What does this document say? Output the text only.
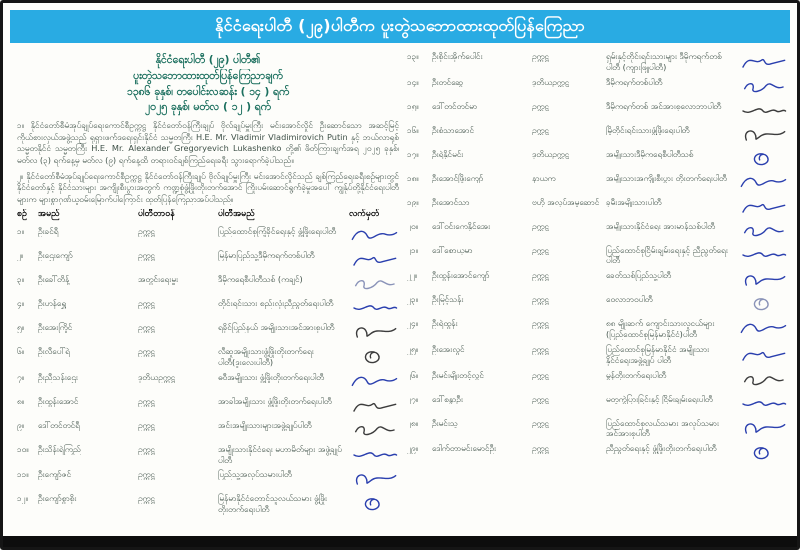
နိုင်ငံရေးပါတီ (၂၉)ပါတီက ပူးတွဲသဘောထားထုတ်ပြန်ကြေညာ
နိုင်ငံရေးပါတီ (၂၉) ပါတီ၏
ပူးတွဲသဘောထားထုတ်ပြန်ကြေညာချက်
၁၃၈၆ ခုနှစ်၊ တပေါင်းလဆန်း ( ၁၄ ) ရက်
၂၀၂၅ ခုနှစ်၊ မတ်လ ( ၁၂ ) ရက်
၁။ နိုင်ငံတော်စီမံအုပ်ချုပ်ရေးကောင်စီဥက္ကဋ္ဌ နိုင်ငံတော်ဝန်ကြီးချုပ် ဗိုလ်ချုပ်မှူးကြီး မင်းအောင်လှိုင် ဦးဆောင်သော အဆင့်မြင့်ကိုယ်စားလှယ်အဖွဲ့သည် ရုရှားဖက်ဒရေးရှင်းနိုင်ငံ သမ္မတကြီး H.E. Mr. Vladimir Vladimirovich Putin နှင့် ဘယ်လာရုစ်သမ္မတနိုင်ငံ သမ္မတကြီး H.E. Mr. Alexander Gregoryevich Lukashenko တို့၏ ဖိတ်ကြားချက်အရ ၂၀၂၅ ခုနှစ်၊ မတ်လ (၃) ရက်နေ့မှ မတ်လ (၉) ရက်နေ့ထိ တရားဝင်ချစ်ကြည်ရေးခရီး သွားရောက်ခဲ့ပါသည်။
၂။ နိုင်ငံတော်စီမံအုပ်ချုပ်ရေးကောင်စီဥက္ကဋ္ဌ နိုင်ငံတော်ဝန်ကြီးချုပ် ဗိုလ်ချုပ်မှူးကြီး မင်းအောင်လှိုင်သည် ချစ်ကြည်ရေးခရီးစဉ်များတွင် နိုင်ငံတော်နှင့် နိုင်ငံသားများ အကျိုးစီးပွားအတွက် ကဏ္ဍစုံဖွံ့ဖြိုးတိုးတက်အောင် ကြိုးပမ်းဆောင်ရွက်ခဲ့မှုအပေါ် ကျွန်ုပ်တို့နိုင်ငံရေးပါတီများက များစွာဂုဏ်ယူဝမ်းမြောက်ပါကြောင်း ထုတ်ပြန်ကြေညာအပ်ပါသည်။
စဉ်	အမည်	ပါတီတာဝန်	ပါတီအမည်	လက်မှတ်
၁။	ဦးခင်ရီ	ဥက္ကဋ္ဌ	ပြည်ထောင်စုကြံ့ခိုင်ရေးနှင့် ဖွံ့ဖြိုးရေးပါတီ
၂။	ဦးဌေးကျော်	ဥက္ကဋ္ဌ	မြန်မာပြည်သူ့ဒီမိုကရက်တစ်ပါတီ
၃။	ဦးခေါ်တိန့်	အတွင်းရေးမှူး	ဒီမိုကရေစီပါတီသစ် (ကချင်)
၄။	ဦးဟန်ရွှေ	ဥက္ကဋ္ဌ	တိုင်းရင်းသား စည်းလုံးညီညွတ်ရေးပါတီ
၅။	ဦးအေးကြိုင်	ဥက္ကဋ္ဌ	ရခိုင်ပြည်နယ် အမျိုးသားအင်အားစုပါတီ
၆။	ဦးလီပေါ်ရဲ	ဥက္ကဋ္ဌ	လီဆူအမျိုးသားဖွံ့ဖြိုးတိုးတက်ရေး ပါတီ(ဒူးလေးပါတီ)
၇။	ဦးညီသန်းဌေး	ဒုတိယဥက္ကဋ္ဌ	ဓဝီအမျိုးသား ဖွံ့ဖြိုးတိုးတက်ရေးပါတီ
၈။	ဦးထွန်းအောင်	ဥက္ကဋ္ဌ	အာခါအမျိုးသား ဖွံ့ဖြိုးတိုးတက်ရေးပါတီ
၉။	ဒေါ်တင်တင်ရီ	ဥက္ကဋ္ဌ	အင်းအမျိုးသားများအဖွဲ့ချုပ်ပါတီ
၁၀။	ဦးသိန်းရဲကြည်	ဥက္ကဋ္ဌ	အမျိုးသားနိုင်ငံရေး မဟာမိတ်များ အဖွဲ့ချုပ်ပါတီ
၁၁။	ဦးကျော်ဇင်	ဥက္ကဋ္ဌ	ပြည်သူ့အလုပ်သမားပါတီ
၁၂။	ဦးကျော်စွာစိုး	ဥက္ကဋ္ဌ	မြန်မာနိုင်ငံတောင်သူလယ်သမား ဖွံ့ဖြိုးတိုးတက်ရေးပါတီ
၁၃။	ဦးစိုင်းအိုက်ပေါင်း	ဥက္ကဋ္ဌ	ရှမ်းနှင့်တိုင်းရင်းသားများ ဒီမိုကရက်တစ် ပါတီ (ကျားဖြူပါတီ)
၁၄။	ဦးတင်ဆွေ	ဒုတိယဥက္ကဋ္ဌ	ဒီမိုကရက်တစ်ပါတီ
၁၅။	ဒေါ်တင်တင်မာ	ဥက္ကဋ္ဌ	ဒီမိုကရက်တစ် အင်အားစုလောဘာပါတီ
၁၆။	ဦးစံသာအောင်	ဥက္ကဋ္ဌ	မြိုတိုင်းရင်းသားဖွံ့ဖြိုးရေးပါတီ
၁၇။	ဦးရဲနိုင်မင်း	ဒုတိယဥက္ကဋ္ဌ	အမျိုးသားဒီမိုကရေစီပါတီသစ်
၁၈။	ဦးအောင်ဖြိုးကျော်	နာယက	အမျိုးသားအကျိုးစီးပွား တိုးတက်ရေးပါတီ
၁၉။	ဦးအောင်သာ	ဗဟို အလုပ်အမှုဆောင် ခုမီးအမျိုးသားပါတီ
၂၀။	ဒေါ်ဝင်းကေနိုင်အေး	ဥက္ကဋ္ဌ	အမျိုးသားနိုင်ငံရေး အားမာန်သစ်ပါတီ
၂၁။	ဒေါ်စောယုမာ	ဥက္ကဋ္ဌ	ပြည်ထောင်စုငြိမ်းချမ်းရေးနှင့် ညီညွတ်ရေးပါတီ
၂၂။	ဦးထွန်းအောင်ကျော်	ဥက္ကဋ္ဌ	ခေတ်သစ်ပြည်သူ့ပါတီ
၂၃။	ဦးမြင့်သန်း	ဥက္ကဋ္ဌ	ဝေလာဘဝပါတီ
၂၄။	ဦးရဲထွန်း	ဥက္ကဋ္ဌ	၈၈ မျိုးဆက် ကျောင်းသားလူငယ်များ (ပြည်ထောင်စုမြန်မာနိုင်ငံ)ပါတီ
၂၅။	ဦးအေးလွင်	ဥက္ကဋ္ဌ	ပြည်ထောင်စုမြန်မာနိုင်ငံ အမျိုးသား နိုင်ငံရေးအဖွဲ့ချုပ် ပါတီ
၂၆။	ဦးမင်းမျိုးတင့်လွင်	ဥက္ကဋ္ဌ	မွန်တိုးတက်ရေးပါတီ
၂၇။	ဒေါ်စန္ဒာဦး	ဥက္ကဋ္ဌ	မတူကွဲပြားခြင်းနှင့် ငြိမ်းချမ်းရေးပါတီ
၂၈။	ဦးမင်းသူ	ဥက္ကဋ္ဌ	ပြည်ထောင်စုလယ်သမား အလုပ်သမားအင်အားစုပါတီ
၂၉။	ဒေါက်တာမင်းမောင်ဦး	ဥက္ကဋ္ဌ	ညီညွတ်ရေးနှင့် ဖွံ့ဖြိုးတိုးတက်ရေးပါတီ
